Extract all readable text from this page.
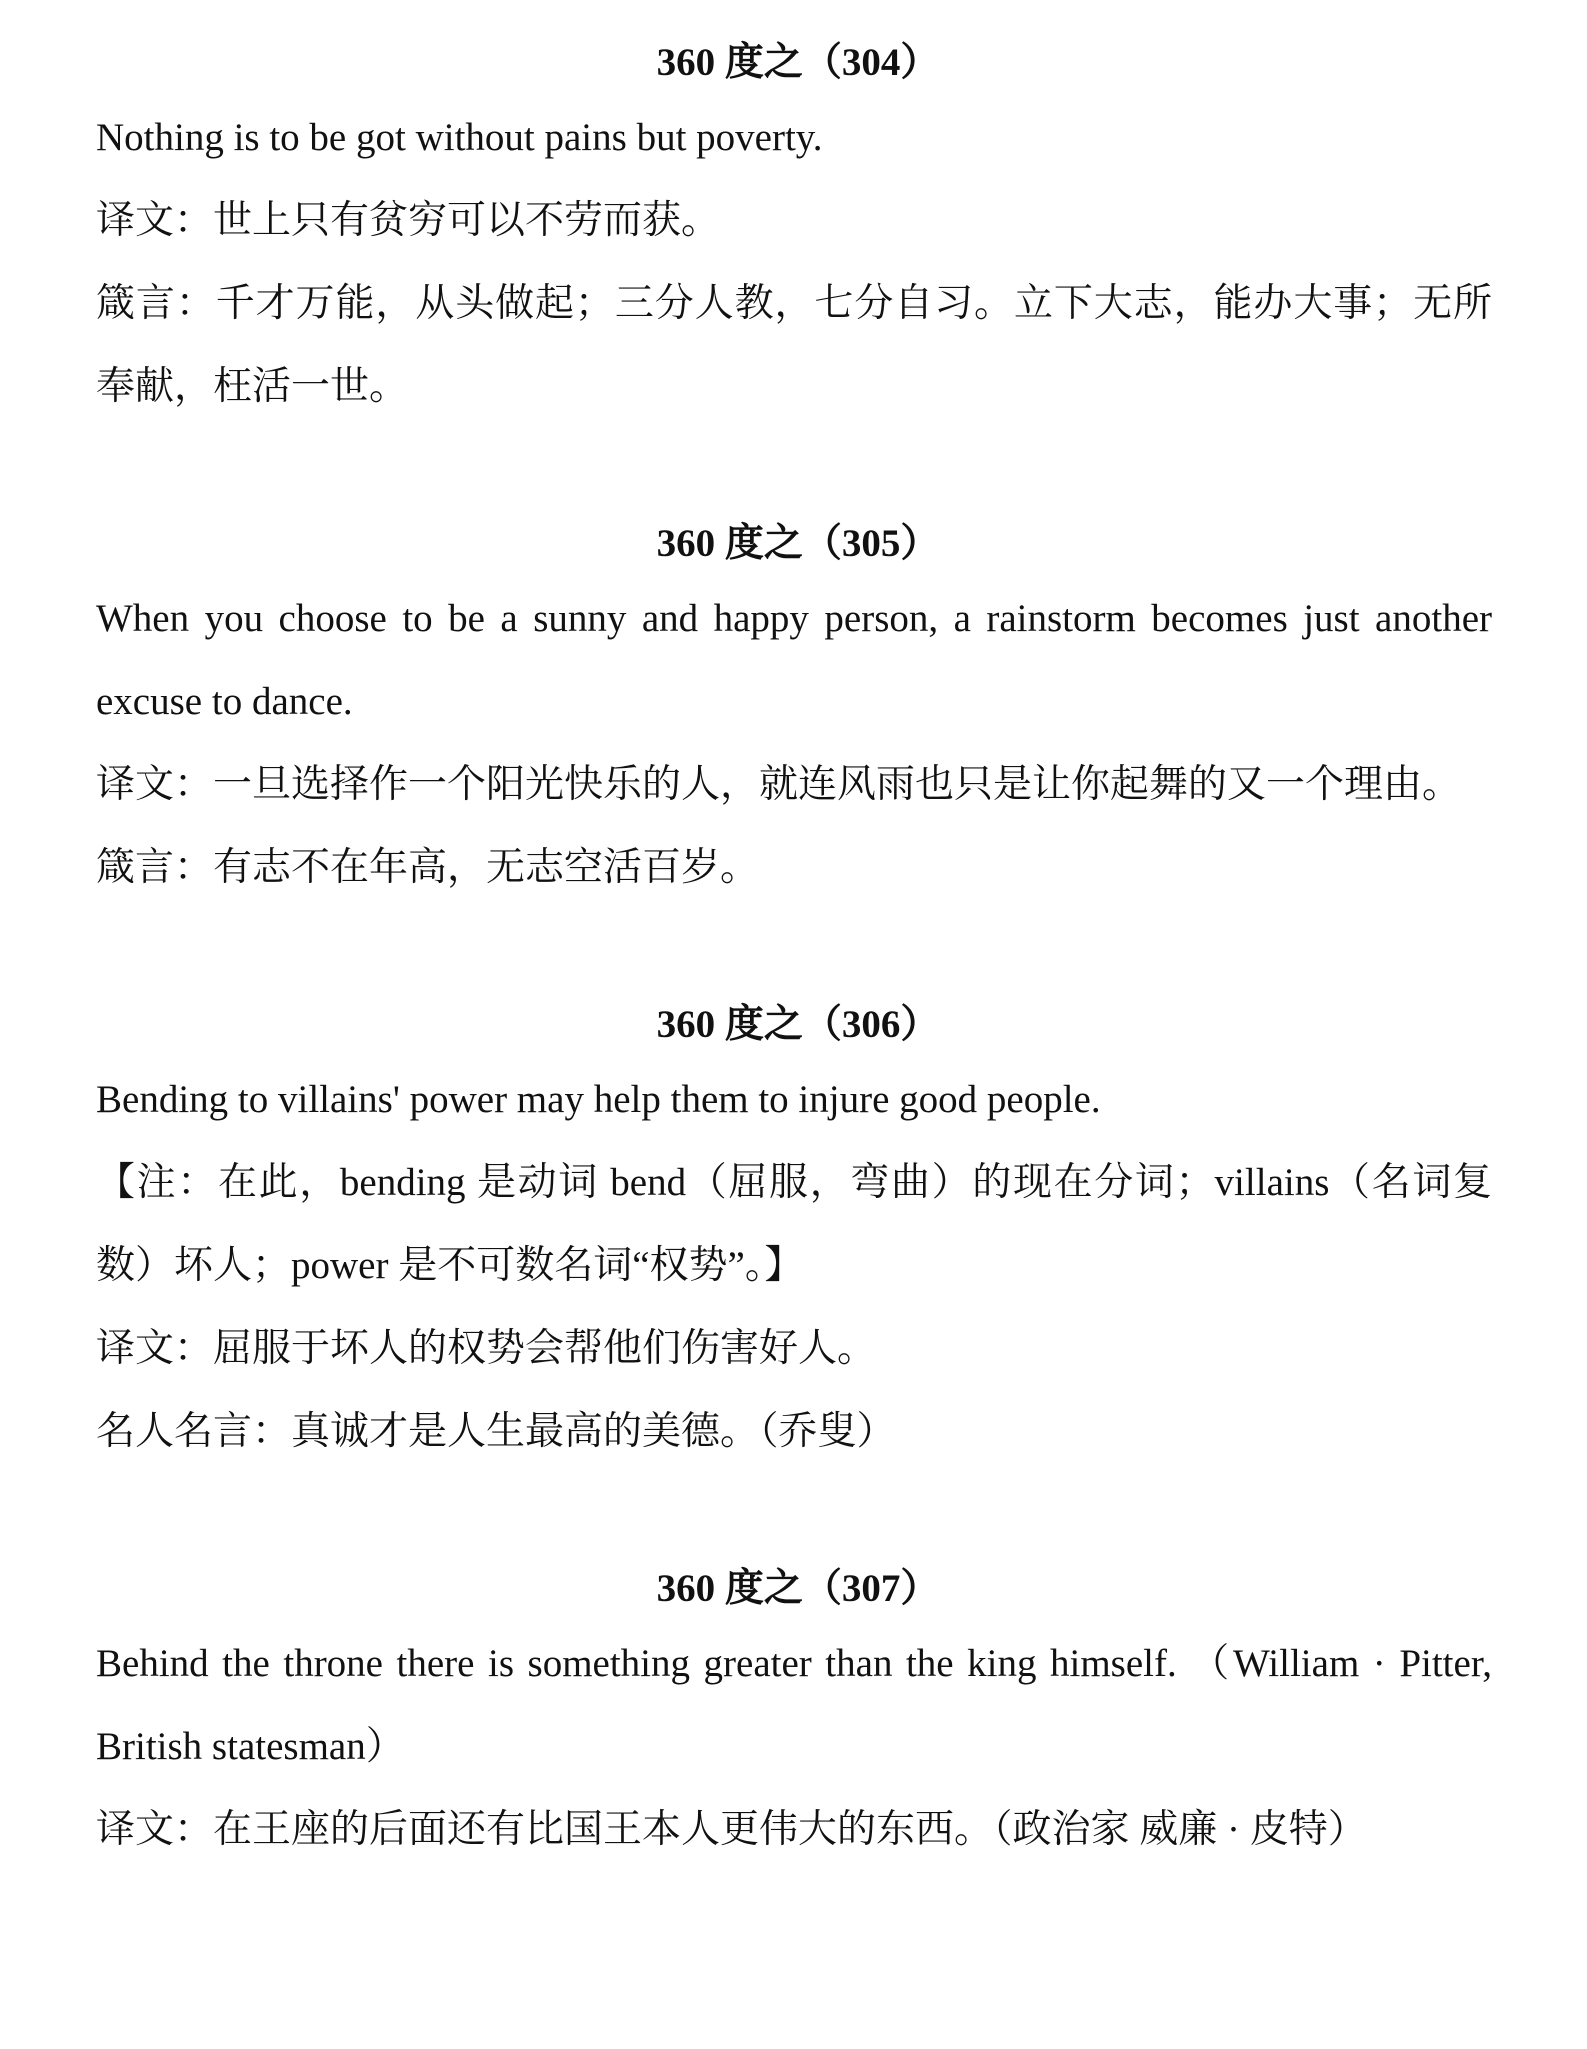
360 度之（304）

Nothing is to be got without pains but poverty.

译文：世上只有贫穷可以不劳而获。

箴言：千才万能，从头做起；三分人教，七分自习。立下大志，能办大事；无所奉献，枉活一世。

360 度之（305）

When you choose to be a sunny and happy person, a rainstorm becomes just another excuse to dance.

译文：一旦选择作一个阳光快乐的人，就连风雨也只是让你起舞的又一个理由。

箴言：有志不在年高，无志空活百岁。

360 度之（306）

Bending to villains' power may help them to injure good people.

【注：在此，bending 是动词 bend（屈服，弯曲）的现在分词；villains（名词复数）坏人；power 是不可数名词“权势”。】

译文：屈服于坏人的权势会帮他们伤害好人。

名人名言：真诚才是人生最高的美德。（乔叟）

360 度之（307）

Behind the throne there is something greater than the king himself. （William · Pitter, British statesman）

译文：在王座的后面还有比国王本人更伟大的东西。（政治家 威廉 · 皮特）
